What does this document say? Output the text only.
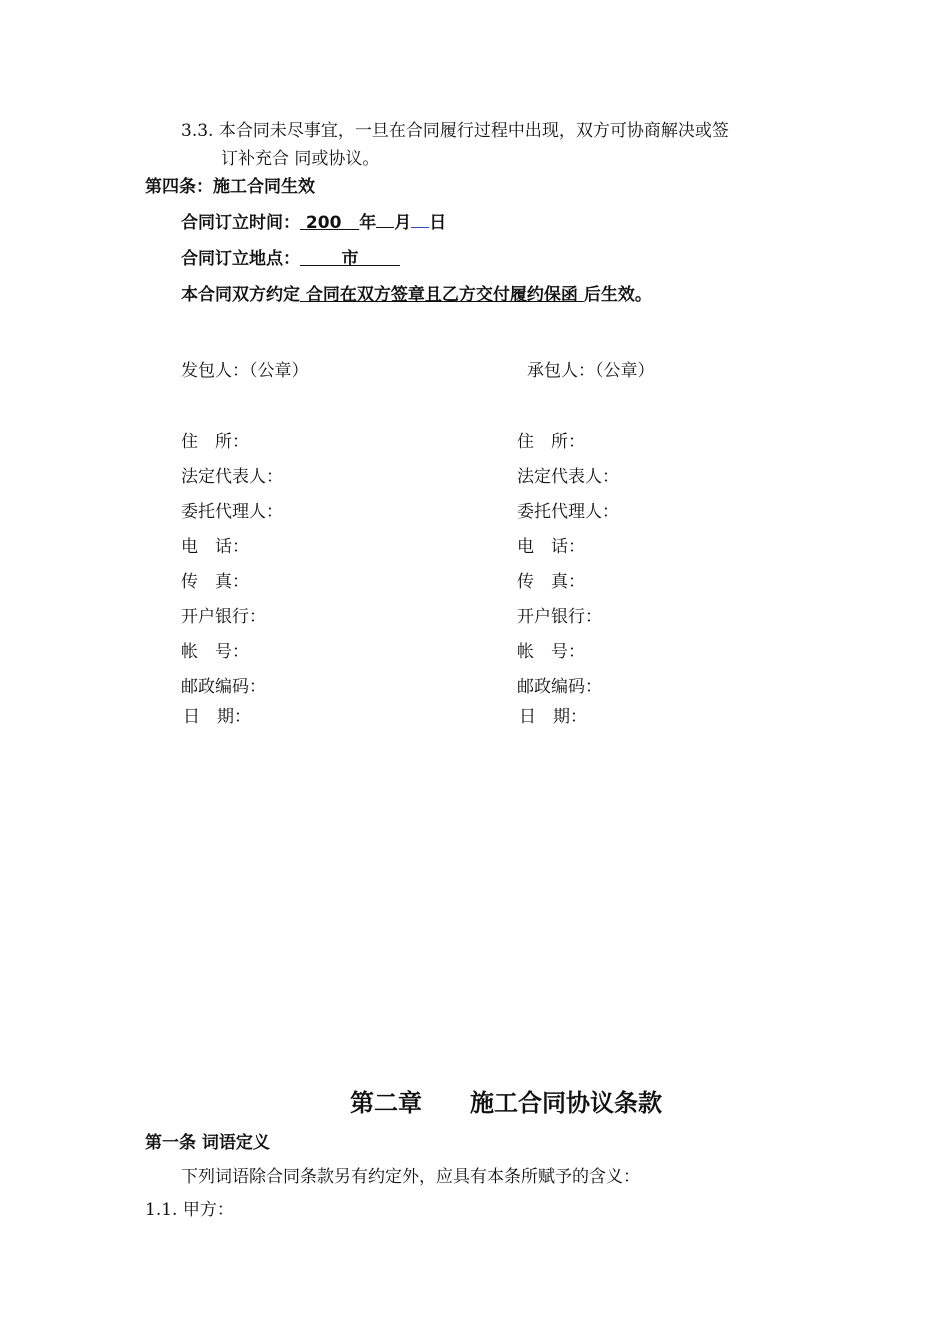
3.3. 本合同未尽事宜，一旦在合同履行过程中出现，双方可协商解决或签
订补充合 同或协议。
第四条：施工合同生效
合同订立时间： 200 年 月 日
合同订立地点： 市
本合同双方约定 合同在双方签章且乙方交付履约保函 后生效。
发包人：（公章）	承包人：（公章）
住　所：	住　所：
法定代表人：	法定代表人：
委托代理人：	委托代理人：
电　话：	电　话：
传　真：	传　真：
开户银行：	开户银行：
帐　号：	帐　号：
邮政编码：	邮政编码：
日　期：	日　期：
第二章　　施工合同协议条款
第一条 词语定义
下列词语除合同条款另有约定外，应具有本条所赋予的含义：
1.1. 甲方：
